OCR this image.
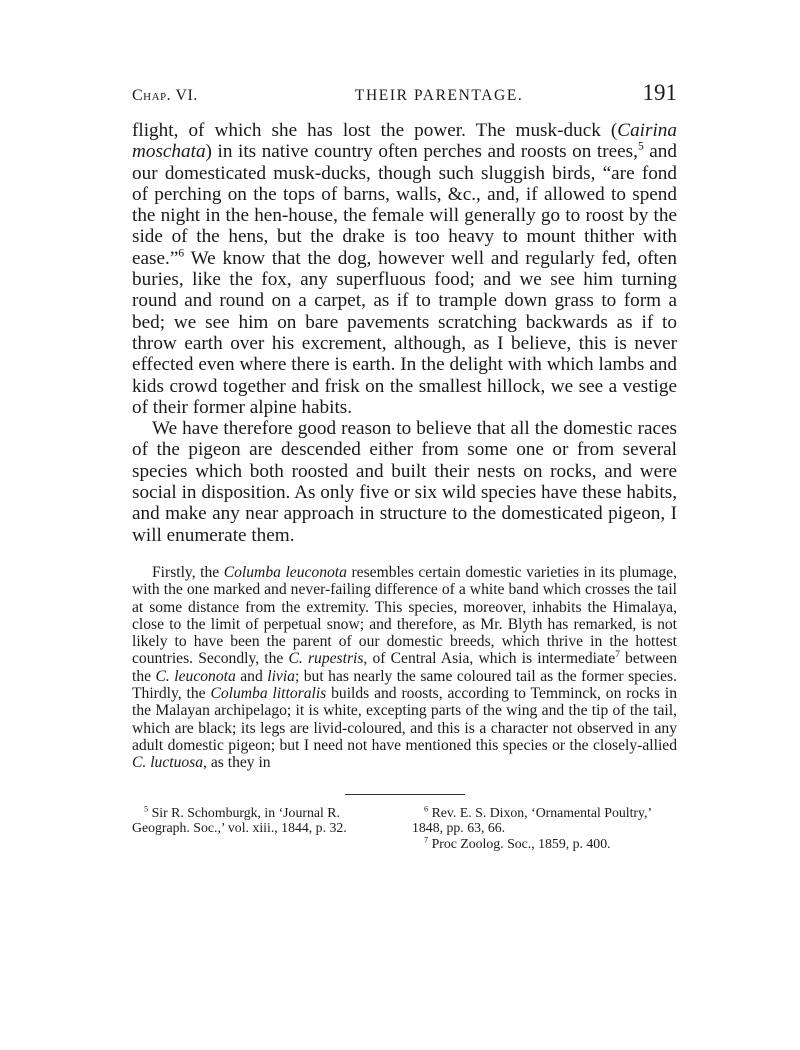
Chap. VI.	THEIR PARENTAGE.	191

flight, of which she has lost the power. The musk-duck (Cairina moschata) in its native country often perches and roosts on trees,$^5$ and our domesticated musk-ducks, though such sluggish birds, “are fond of perching on the tops of barns, walls, &c., and, if allowed to spend the night in the hen-house, the female will generally go to roost by the side of the hens, but the drake is too heavy to mount thither with ease.”$^6$ We know that the dog, however well and regularly fed, often buries, like the fox, any superfluous food; and we see him turning round and round on a carpet, as if to trample down grass to form a bed; we see him on bare pavements scratching backwards as if to throw earth over his excrement, although, as I believe, this is never effected even where there is earth. In the delight with which lambs and kids crowd together and frisk on the smallest hillock, we see a vestige of their former alpine habits.

We have therefore good reason to believe that all the domestic races of the pigeon are descended either from some one or from several species which both roosted and built their nests on rocks, and were social in disposition. As only five or six wild species have these habits, and make any near approach in structure to the domesticated pigeon, I will enumerate them.

Firstly, the Columba leuconota resembles certain domestic varieties in its plumage, with the one marked and never-failing difference of a white band which crosses the tail at some distance from the extremity. This species, moreover, inhabits the Himalaya, close to the limit of perpetual snow; and therefore, as Mr. Blyth has remarked, is not likely to have been the parent of our domestic breeds, which thrive in the hottest countries. Secondly, the C. rupestris, of Central Asia, which is intermediate$^7$ between the C. leuconota and livia; but has nearly the same coloured tail as the former species. Thirdly, the Columba littoralis builds and roosts, according to Temminck, on rocks in the Malayan archipelago; it is white, excepting parts of the wing and the tip of the tail, which are black; its legs are livid-coloured, and this is a character not observed in any adult domestic pigeon; but I need not have mentioned this species or the closely-allied C. luctuosa, as they in

$^5$ Sir R. Schomburgk, in ‘Journal R. Geograph. Soc.,’ vol. xiii., 1844, p. 32.

$^6$ Rev. E. S. Dixon, ‘Ornamental Poultry,’ 1848, pp. 63, 66.

$^7$ Proc Zoolog. Soc., 1859, p. 400.
